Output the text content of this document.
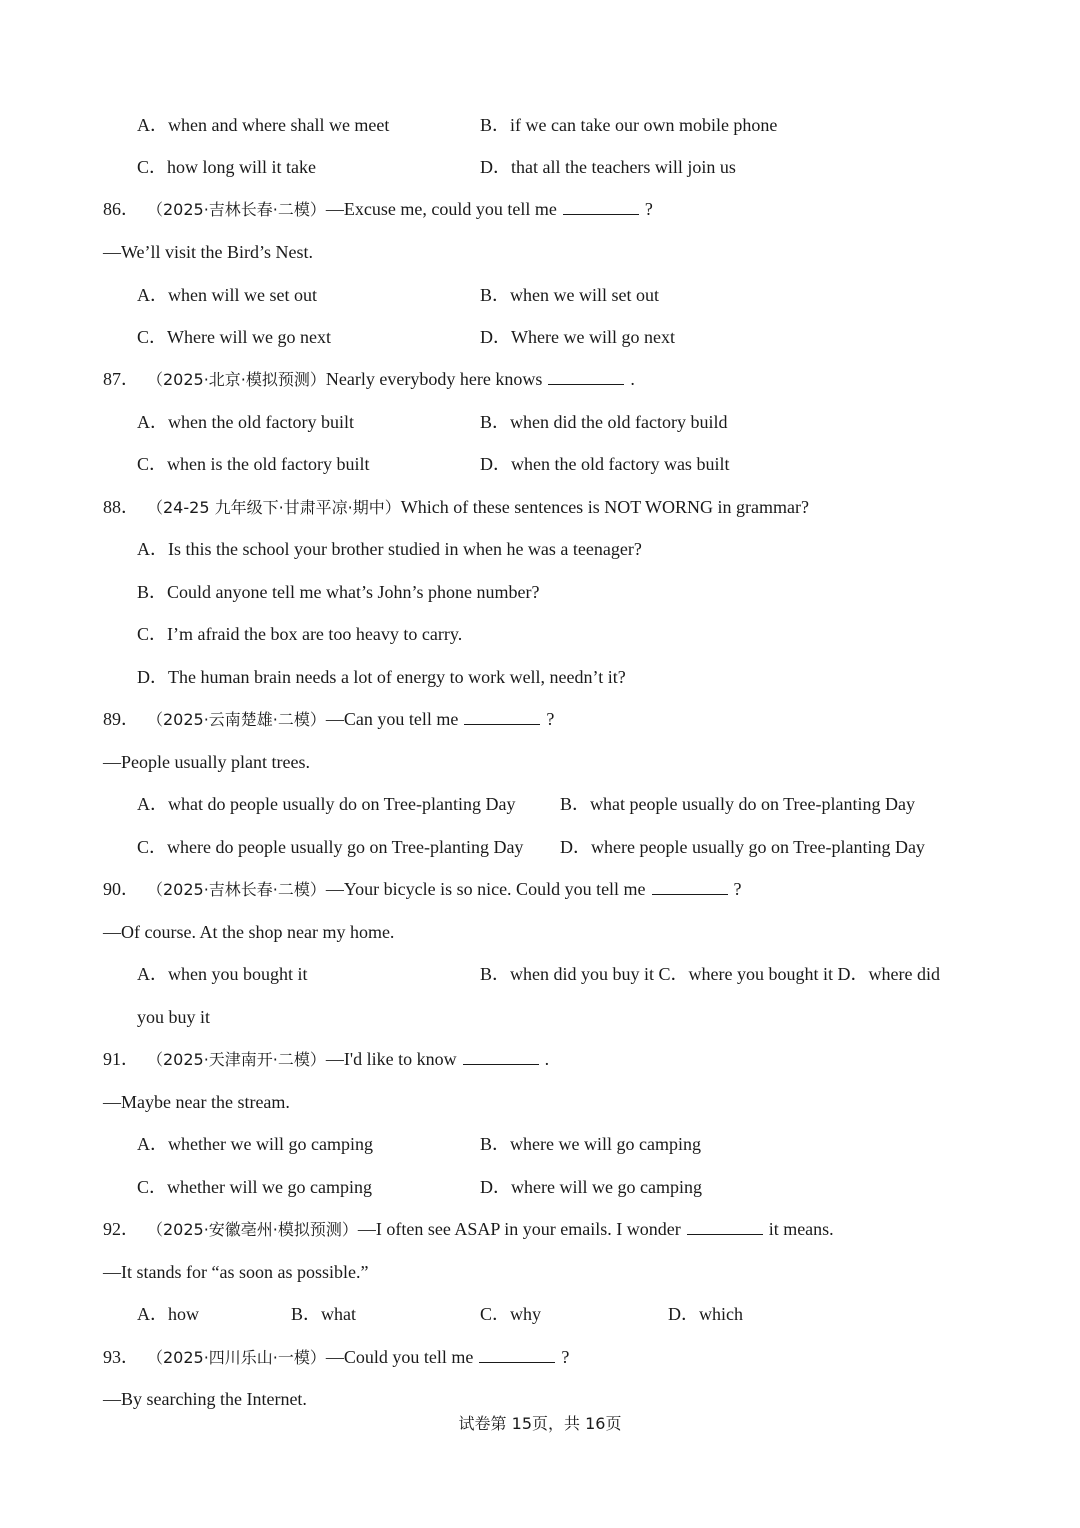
A．when and where shall we meet	B．if we can take our own mobile phone
C．how long will it take	D．that all the teachers will join us
86． （2025·吉林长春·二模）—Excuse me, could you tell me	?
—We’ll visit the Bird’s Nest.
A．when will we set out	B．when we will set out
C．Where will we go next	D．Where we will go next
87． （2025·北京·模拟预测）Nearly everybody here knows	.
A．when the old factory built	B．when did the old factory build
C．when is the old factory built	D．when the old factory was built
88． （24-25 九年级下·甘肃平凉·期中）Which of these sentences is NOT WORNG in grammar?
A．Is this the school your brother studied in when he was a teenager?
B．Could anyone tell me what’s John’s phone number?
C．I’m afraid the box are too heavy to carry.
D．The human brain needs a lot of energy to work well, needn’t it?
89． （2025·云南楚雄·二模）—Can you tell me	?
—People usually plant trees.
A．what do people usually do on Tree-planting Day B．what people usually do on Tree-planting Day
C．where do people usually go on Tree-planting Day D．where people usually go on Tree-planting Day
90． （2025·吉林长春·二模）—Your bicycle is so nice. Could you tell me	?
—Of course. At the shop near my home.
A．when you bought it	B．when did you buy it C．where you bought it D．where did
you buy it
91． （2025·天津南开·二模）—I'd like to know	.
—Maybe near the stream.
A．whether we will go camping	B．where we will go camping
C．whether will we go camping	D．where will we go camping
92． （2025·安徽亳州·模拟预测）—I often see ASAP in your emails. I wonder	it means.
—It stands for “as soon as possible.”
A．how	B．what	C．why	D．which
93． （2025·四川乐山·一模）—Could you tell me	?
—By searching the Internet.
试卷第 15页，共 16页
